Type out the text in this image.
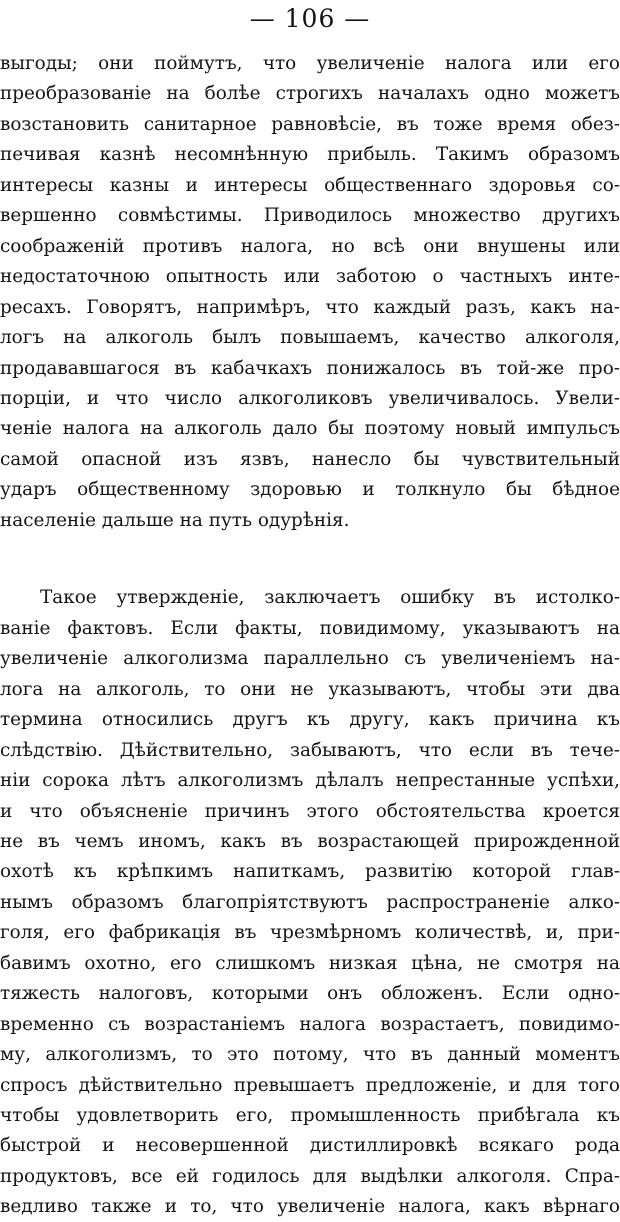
— 106 —
выгоды; они поймутъ, что увеличенiе налога или его
преобразованiе на болѣе строгихъ началахъ одно можетъ
возстановить санитарное равновѣсiе, въ тоже время обез-
печивая казнѣ несомнѣнную прибыль. Такимъ образомъ
интересы казны и интересы общественнаго здоровья со-
вершенно совмѣстимы. Приводилось множество другихъ
соображенiй противъ налога, но всѣ они внушены или
недостаточною опытность или заботою о частныхъ инте-
ресахъ. Говорятъ, напримѣръ, что каждый разъ, какъ на-
логъ на алкоголь былъ повышаемъ, качество алкоголя,
продававшагося въ кабачкахъ понижалось въ той-же про-
порцiи, и что число алкоголиковъ увеличивалось. Увели-
ченiе налога на алкоголь дало бы поэтому новый импульсъ
самой опасной изъ язвъ, нанесло бы чувствительный
ударъ общественному здоровью и толкнуло бы бѣдное
населенiе дальше на путь одурѣнiя.
Такое утвержденiе, заключаетъ ошибку въ истолко-
ванiе фактовъ. Если факты, повидимому, указываютъ на
увеличенiе алкоголизма параллельно съ увеличенiемъ на-
лога на алкоголь, то они не указываютъ, чтобы эти два
термина относились другъ къ другу, какъ причина къ
слѣдствiю. Дѣйствительно, забываютъ, что если въ тече-
нiи сорока лѣтъ алкоголизмъ дѣлалъ непрестанные успѣхи,
и что объясненiе причинъ этого обстоятельства кроется
не въ чемъ иномъ, какъ въ возрастающей прирожденной
охотѣ къ крѣпкимъ напиткамъ, развитiю которой глав-
нымъ образомъ благопрiятствуютъ распространенiе алко-
голя, его фабрикацiя въ чрезмѣрномъ количествѣ, и, при-
бавимъ охотно, его слишкомъ низкая цѣна, не смотря на
тяжесть налоговъ, которыми онъ обложенъ. Если одно-
временно съ возрастанiемъ налога возрастаетъ, повидимо-
му, алкоголизмъ, то это потому, что въ данный моментъ
спросъ дѣйствительно превышаетъ предложенiе, и для того
чтобы удовлетворить его, промышленность прибѣгала къ
быстрой и несовершенной дистиллировкѣ всякаго рода
продуктовъ, все ей годилось для выдѣлки алкоголя. Спра-
ведливо также и то, что увеличенiе налога, какъ вѣрнаго
